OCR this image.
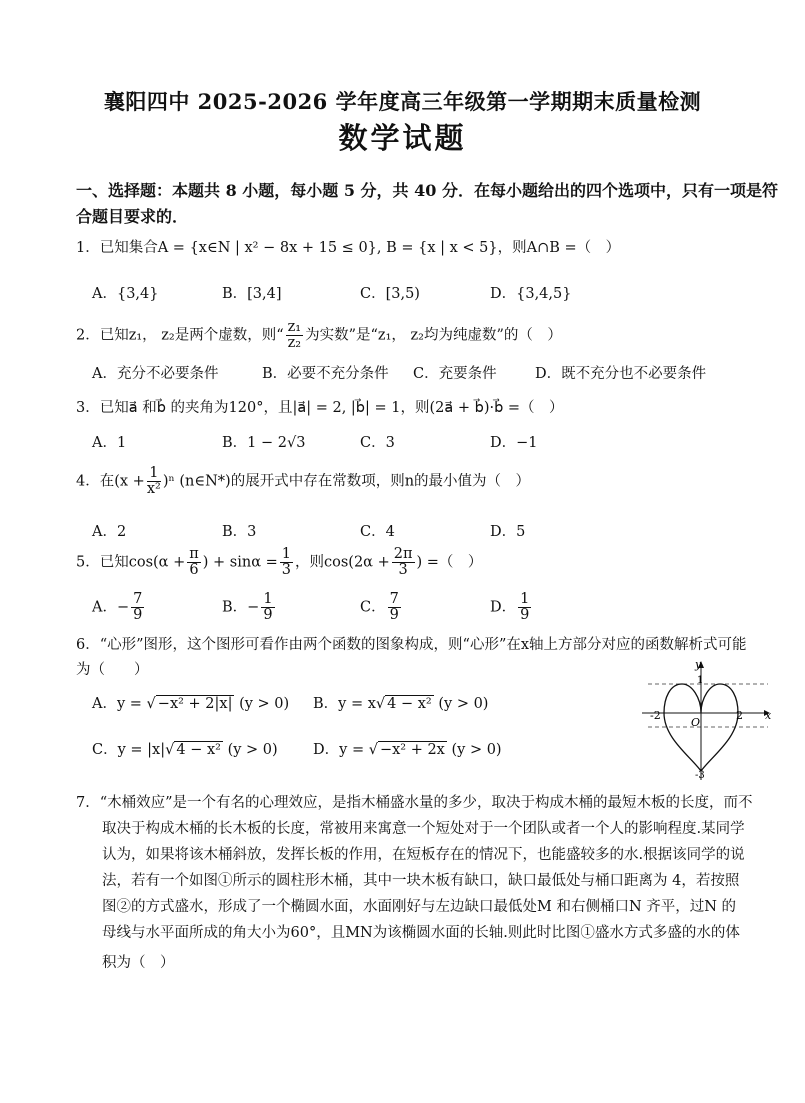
襄阳四中 2025-2026 学年度高三年级第一学期期末质量检测
数学试题
一、选择题：本题共 8 小题，每小题 5 分，共 40 分．在每小题给出的四个选项中，只有一项是符合题目要求的．
1．已知集合A = {x∈N | x² − 8x + 15 ≤ 0}, B = {x | x < 5}，则A∩B =（　）
A．{3,4}	B．[3,4]	C．[3,5)	D．{3,4,5}
2．已知z₁， z₂是两个虚数，则“ $\frac{\text{z₁}}{\text{z₂}}$ 为实数”是“z₁， z₂均为纯虚数”的（　）
A．充分不必要条件	B．必要不充分条件 C．充要条件	D．既不充分也不必要条件
3．已知a⃗ 和b⃗ 的夹角为120°，且|a⃗| = 2, |b⃗| = 1，则(2a⃗ + b⃗)·b⃗ =（　）
A．1	B．1 − 2√3	C．3	D．−1
4．在$(x + \frac{1}{\text{x²}} )^n$ (n∈N*)的展开式中存在常数项，则n的最小值为（　）
A．2	B．3	C．4	D．5
5．已知$\cos(\alpha + \frac{\pi}{6}$ ) + $\sin\alpha = \frac{1}{3}$ ，则$\cos(2\alpha + \frac{2\pi}{3}$ ) =（　）
A．− $\frac{7}{9}$	B．− $\frac{1}{9}$	C． $\frac{7}{9}$	D． $\frac{1}{9}$
6．“心形”图形，这个图形可看作由两个函数的图象构成，则“心形”在x轴上方部分对应的函数解析式可能
为（　　）
A．y = √ −x² + 2|x| (y > 0) B．y = x√ 4 − x² (y > 0)
C．y = |x|√ 4 − x² (y > 0) D．y = √ −x² + 2x (y > 0)
y
x
O
-2	2
1
-3
7．“木桶效应”是一个有名的心理效应，是指木桶盛水量的多少，取决于构成木桶的最短木板的长度，而不
取决于构成木桶的长木板的长度，常被用来寓意一个短处对于一个团队或者一个人的影响程度.某同学
认为，如果将该木桶斜放，发挥长板的作用，在短板存在的情况下，也能盛较多的水.根据该同学的说
法，若有一个如图①所示的圆柱形木桶，其中一块木板有缺口，缺口最低处与桶口距离为 4，若按照
图②的方式盛水，形成了一个椭圆水面，水面刚好与左边缺口最低处M 和右侧桶口N 齐平，过N 的
母线与水平面所成的角大小为60°，且MN为该椭圆水面的长轴.则此时比图①盛水方式多盛的水的体
积为（　）
